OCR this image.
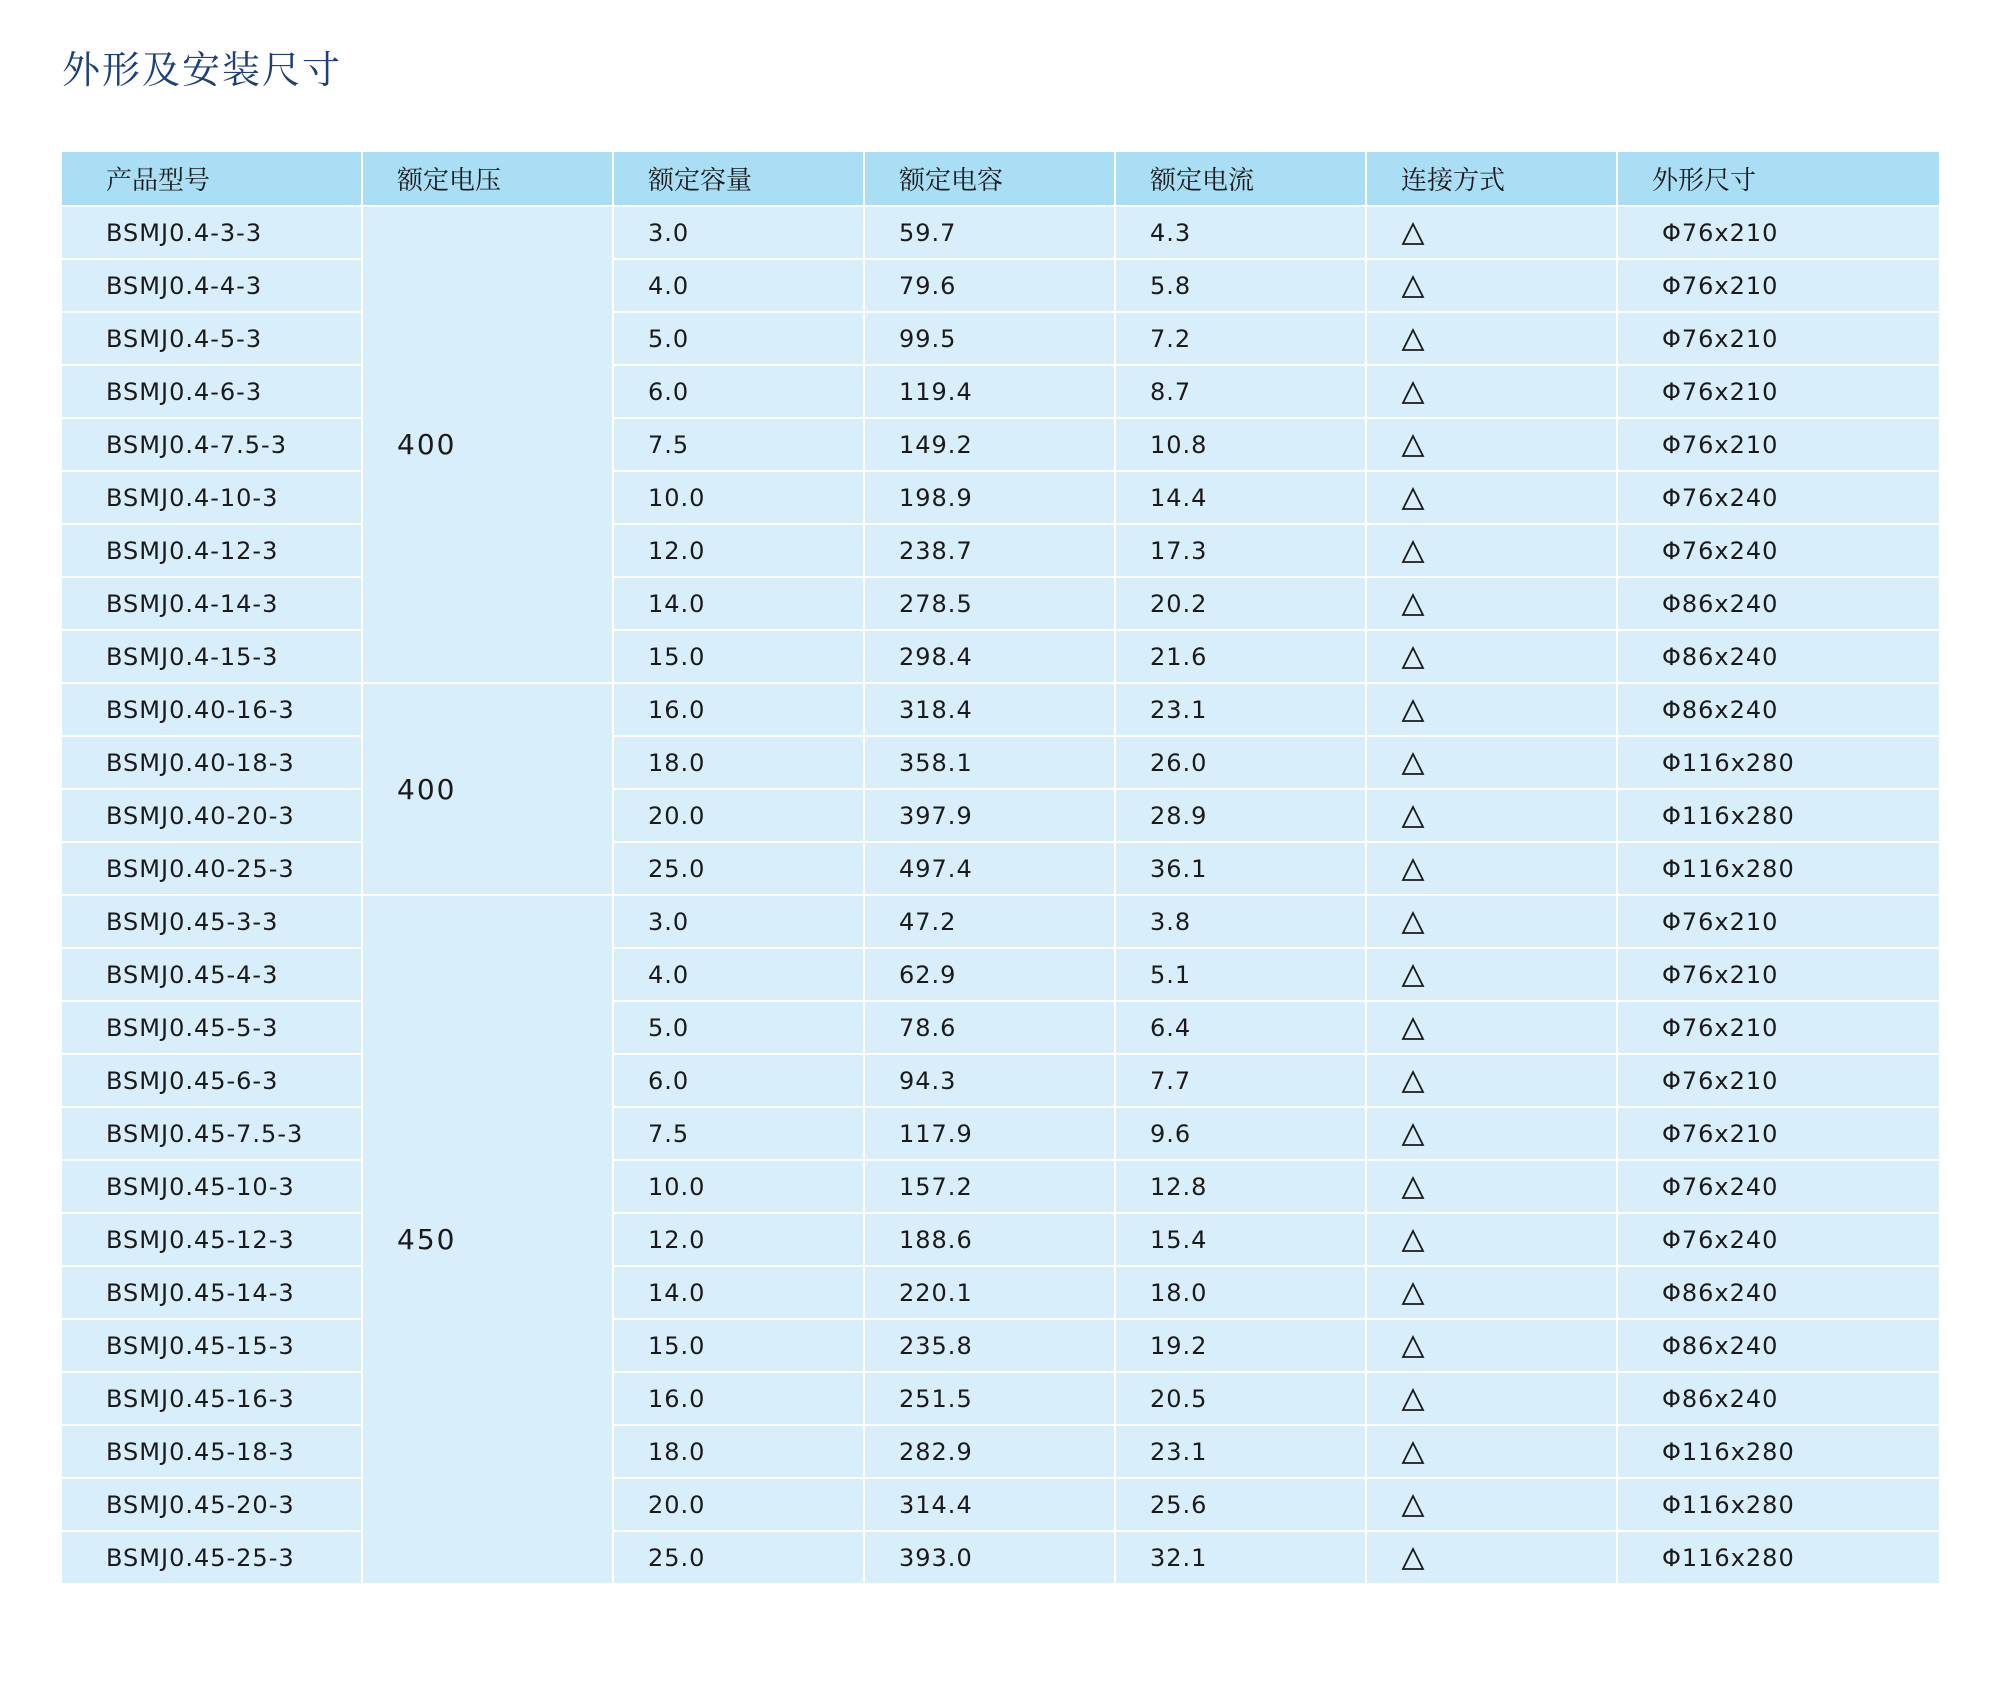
外形及安装尺寸
产品型号	额定电压	额定容量	额定电容	额定电流	连接方式	外形尺寸
BSMJ0.4-3-3	400	3.0	59.7	4.3		Φ76x210
BSMJ0.4-4-3		4.0	79.6	5.8		Φ76x210
BSMJ0.4-5-3		5.0	99.5	7.2		Φ76x210
BSMJ0.4-6-3		6.0	119.4	8.7		Φ76x210
BSMJ0.4-7.5-3		7.5	149.2	10.8		Φ76x210
BSMJ0.4-10-3		10.0	198.9	14.4		Φ76x240
BSMJ0.4-12-3		12.0	238.7	17.3		Φ76x240
BSMJ0.4-14-3		14.0	278.5	20.2		Φ86x240
BSMJ0.4-15-3		15.0	298.4	21.6		Φ86x240
BSMJ0.40-16-3	400	16.0	318.4	23.1		Φ86x240
BSMJ0.40-18-3		18.0	358.1	26.0		Φ116x280
BSMJ0.40-20-3		20.0	397.9	28.9		Φ116x280
BSMJ0.40-25-3		25.0	497.4	36.1		Φ116x280
BSMJ0.45-3-3	450	3.0	47.2	3.8		Φ76x210
BSMJ0.45-4-3		4.0	62.9	5.1		Φ76x210
BSMJ0.45-5-3		5.0	78.6	6.4		Φ76x210
BSMJ0.45-6-3		6.0	94.3	7.7		Φ76x210
BSMJ0.45-7.5-3		7.5	117.9	9.6		Φ76x210
BSMJ0.45-10-3		10.0	157.2	12.8		Φ76x240
BSMJ0.45-12-3		12.0	188.6	15.4		Φ76x240
BSMJ0.45-14-3		14.0	220.1	18.0		Φ86x240
BSMJ0.45-15-3		15.0	235.8	19.2		Φ86x240
BSMJ0.45-16-3		16.0	251.5	20.5		Φ86x240
BSMJ0.45-18-3		18.0	282.9	23.1		Φ116x280
BSMJ0.45-20-3		20.0	314.4	25.6		Φ116x280
BSMJ0.45-25-3		25.0	393.0	32.1		Φ116x280
